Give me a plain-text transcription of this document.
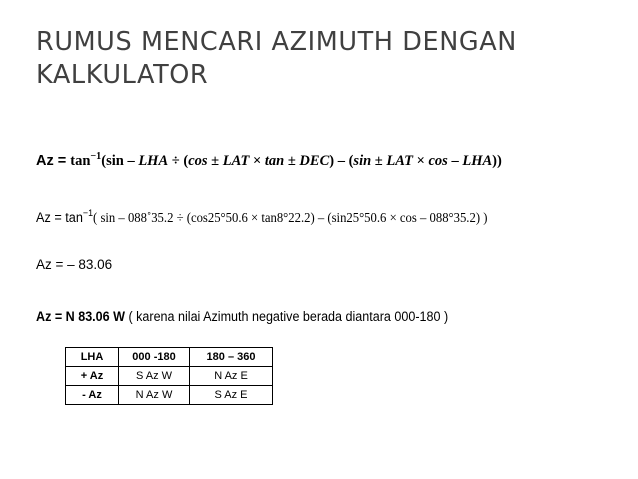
RUMUS MENCARI AZIMUTH DENGAN
KALKULATOR
$Az = \tan^{-1}(\sin$ – LHA ÷ (cos ± LAT × tan ± DEC) – (sin ± LAT × cos – LHA))
$Az = \tan^{-1}$( sin – 088˚35.2 ÷ (cos25°50.6 × tan8°22.2) – (sin25°50.6 × cos – 088°35.2) )
Az = – 83.06
Az = N 83.06 W ( karena nilai Azimuth negative berada diantara 000-180 )
LHA	000 -180	180 – 360
+ Az	S Az W	N Az E
- Az	N Az W	S Az E
